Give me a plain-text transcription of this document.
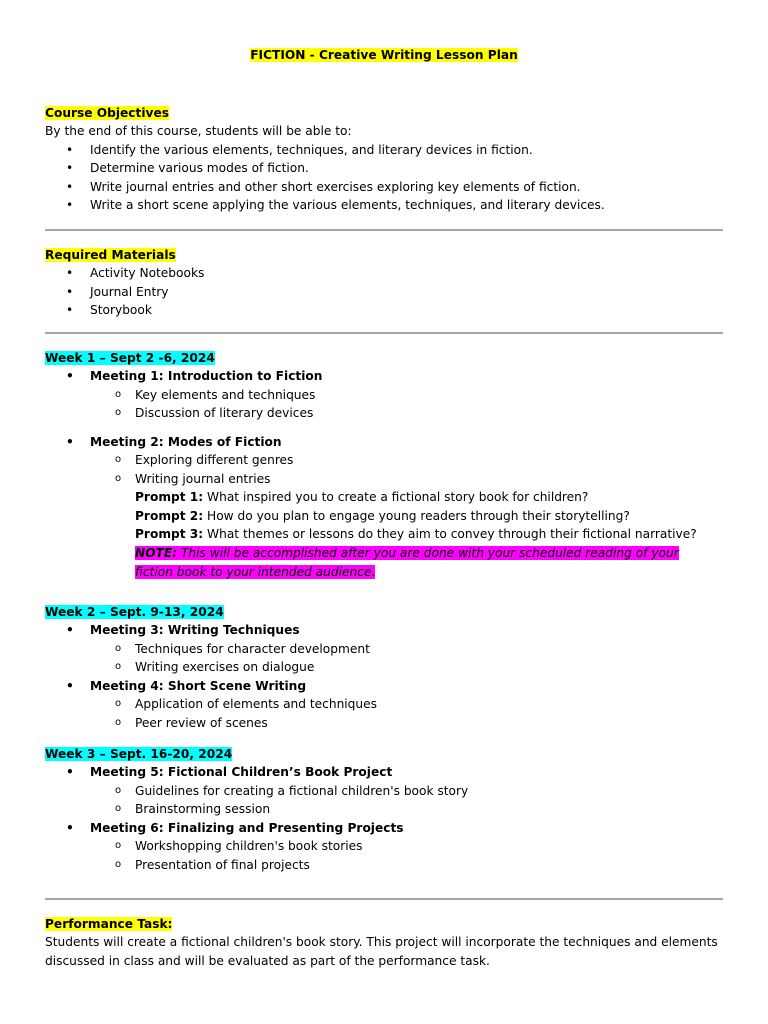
FICTION - Creative Writing Lesson Plan
Course Objectives
By the end of this course, students will be able to:
• Identify the various elements, techniques, and literary devices in fiction.
• Determine various modes of fiction.
• Write journal entries and other short exercises exploring key elements of fiction.
• Write a short scene applying the various elements, techniques, and literary devices.
Required Materials
• Activity Notebooks
• Journal Entry
• Storybook
Week 1 – Sept 2 -6, 2024
• Meeting 1: Introduction to Fiction
o Key elements and techniques
o Discussion of literary devices
• Meeting 2: Modes of Fiction
o Exploring different genres
o Writing journal entries
Prompt 1: What inspired you to create a fictional story book for children?
Prompt 2: How do you plan to engage young readers through their storytelling?
Prompt 3: What themes or lessons do they aim to convey through their fictional narrative?
NOTE: This will be accomplished after you are done with your scheduled reading of your fiction book to your intended audience.
Week 2 – Sept. 9-13, 2024
• Meeting 3: Writing Techniques
o Techniques for character development
o Writing exercises on dialogue
• Meeting 4: Short Scene Writing
o Application of elements and techniques
o Peer review of scenes
Week 3 – Sept. 16-20, 2024
• Meeting 5: Fictional Children’s Book Project
o Guidelines for creating a fictional children's book story
o Brainstorming session
• Meeting 6: Finalizing and Presenting Projects
o Workshopping children's book stories
o Presentation of final projects
Performance Task:
Students will create a fictional children's book story. This project will incorporate the techniques and elements discussed in class and will be evaluated as part of the performance task.
